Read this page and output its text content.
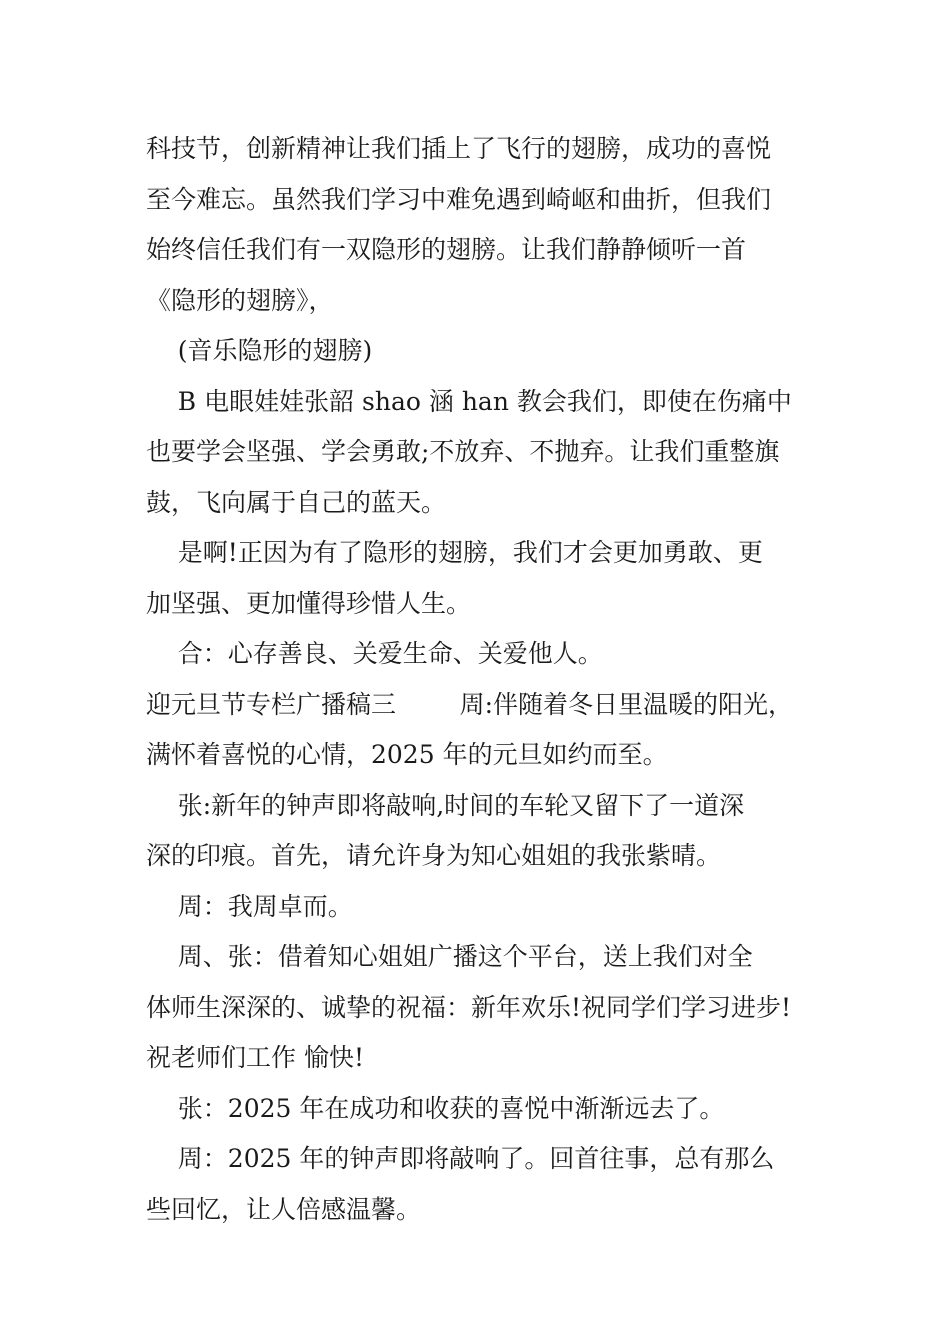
科技节，创新精神让我们插上了飞行的翅膀，成功的喜悦
至今难忘。虽然我们学习中难免遇到崎岖和曲折，但我们
始终信任我们有一双隐形的翅膀。让我们静静倾听一首
《隐形的翅膀》，
(音乐隐形的翅膀)
B 电眼娃娃张韶 shao 涵 han 教会我们，即使在伤痛中
也要学会坚强、学会勇敢;不放弃、不抛弃。让我们重整旗
鼓，飞向属于自己的蓝天。
是啊!正因为有了隐形的翅膀，我们才会更加勇敢、更
加坚强、更加懂得珍惜人生。
合：心存善良、关爱生命、关爱他人。
迎元旦节专栏广播稿三        周:伴随着冬日里温暖的阳光，
满怀着喜悦的心情，2025 年的元旦如约而至。
张:新年的钟声即将敲响,时间的车轮又留下了一道深
深的印痕。首先，请允许身为知心姐姐的我张紫晴。
周：我周卓而。
周、张：借着知心姐姐广播这个平台，送上我们对全
体师生深深的、诚挚的祝福：新年欢乐!祝同学们学习进步!
祝老师们工作 愉快!
张：2025 年在成功和收获的喜悦中渐渐远去了。
周：2025 年的钟声即将敲响了。回首往事，总有那么
些回忆，让人倍感温馨。
